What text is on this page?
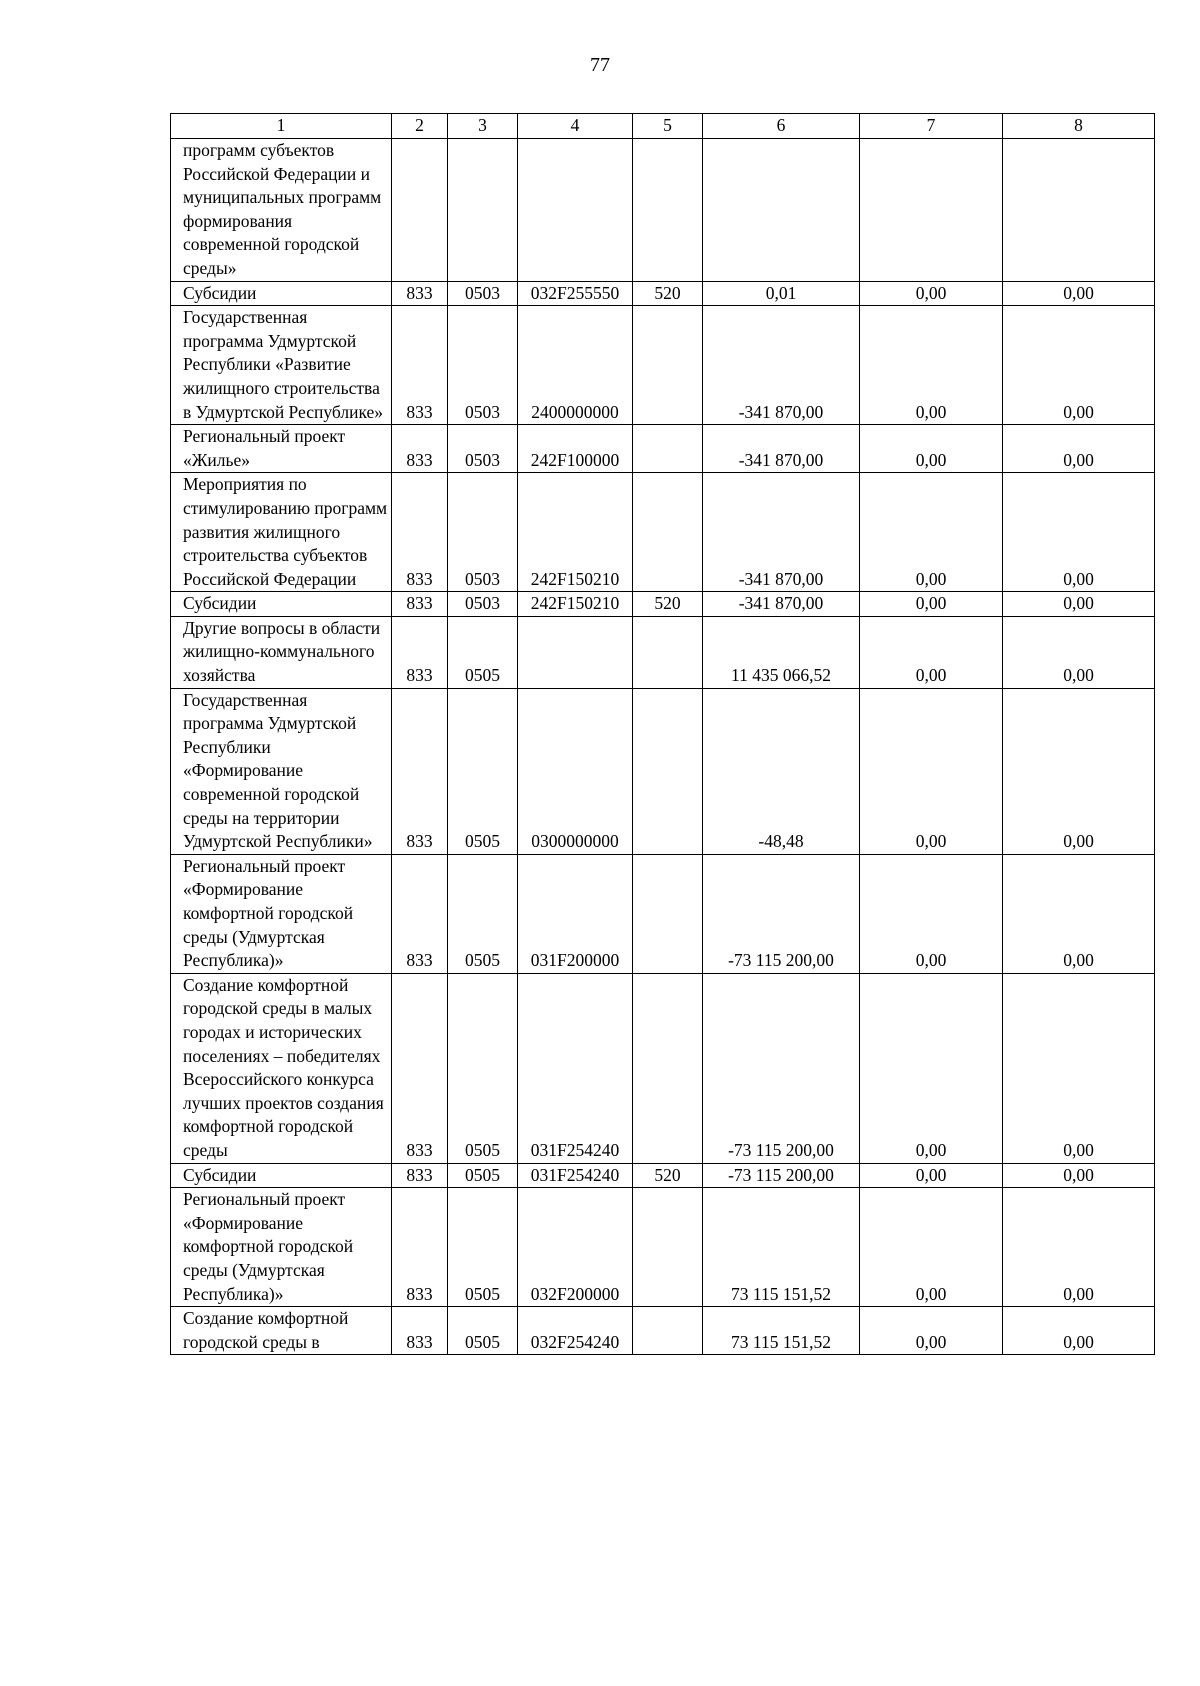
77
1	2	3	4	5	6	7	8
программ субъектов Российской Федерации и муниципальных программ формирования современной городской среды»							
Субсидии	833	0503	032F255550	520	0,01	0,00	0,00
Государственная программа Удмуртской Республики «Развитие жилищного строительства в Удмуртской Республике»	833	0503	2400000000		-341 870,00	0,00	0,00
Региональный проект «Жилье»	833	0503	242F100000		-341 870,00	0,00	0,00
Мероприятия по стимулированию программ развития жилищного строительства субъектов Российской Федерации	833	0503	242F150210		-341 870,00	0,00	0,00
Субсидии	833	0503	242F150210	520	-341 870,00	0,00	0,00
Другие вопросы в области жилищно-коммунального хозяйства	833	0505			11 435 066,52	0,00	0,00
Государственная программа Удмуртской Республики «Формирование современной городской среды на территории Удмуртской Республики»	833	0505	0300000000		-48,48	0,00	0,00
Региональный проект «Формирование комфортной городской среды (Удмуртская Республика)»	833	0505	031F200000		-73 115 200,00	0,00	0,00
Создание комфортной городской среды в малых городах и исторических поселениях – победителях Всероссийского конкурса лучших проектов создания комфортной городской среды	833	0505	031F254240		-73 115 200,00	0,00	0,00
Субсидии	833	0505	031F254240	520	-73 115 200,00	0,00	0,00
Региональный проект «Формирование комфортной городской среды (Удмуртская Республика)»	833	0505	032F200000		73 115 151,52	0,00	0,00
Создание комфортной городской среды в	833	0505	032F254240		73 115 151,52	0,00	0,00
